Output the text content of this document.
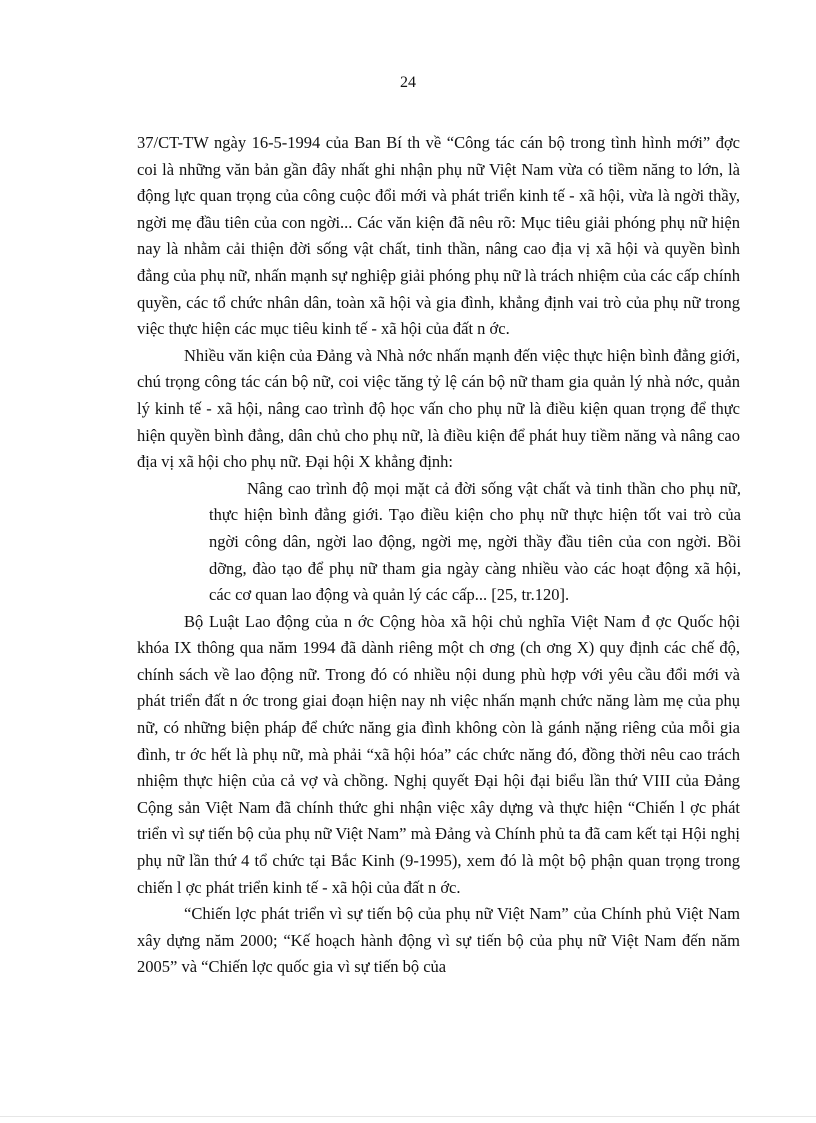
24

37/CT-TW ngày 16-5-1994 của Ban Bí th về “Công tác cán bộ trong tình hình mới” đợc coi là những văn bản gần đây nhất ghi nhận phụ nữ Việt Nam vừa có tiềm năng to lớn, là động lực quan trọng của công cuộc đổi mới và phát triển kinh tế - xã hội, vừa là ngời thầy, ngời mẹ đầu tiên của con ngời... Các văn kiện đã nêu rõ: Mục tiêu giải phóng phụ nữ hiện nay là nhằm cải thiện đời sống vật chất, tinh thần, nâng cao địa vị xã hội và quyền bình đẳng của phụ nữ, nhấn mạnh sự nghiệp giải phóng phụ nữ là trách nhiệm của các cấp chính quyền, các tổ chức nhân dân, toàn xã hội và gia đình, khẳng định vai trò của phụ nữ trong việc thực hiện các mục tiêu kinh tế - xã hội của đất n ớc.

Nhiều văn kiện của Đảng và Nhà nớc nhấn mạnh đến việc thực hiện bình đẳng giới, chú trọng công tác cán bộ nữ, coi việc tăng tỷ lệ cán bộ nữ tham gia quản lý nhà nớc, quản lý kinh tế - xã hội, nâng cao trình độ học vấn cho phụ nữ là điều kiện quan trọng để thực hiện quyền bình đẳng, dân chủ cho phụ nữ, là điều kiện để phát huy tiềm năng và nâng cao địa vị xã hội cho phụ nữ. Đại hội X khẳng định:

Nâng cao trình độ mọi mặt cả đời sống vật chất và tinh thần cho phụ nữ, thực hiện bình đẳng giới. Tạo điều kiện cho phụ nữ thực hiện tốt vai trò của ngời công dân, ngời lao động, ngời mẹ, ngời thầy đầu tiên của con ngời. Bồi dỡng, đào tạo để phụ nữ tham gia ngày càng nhiều vào các hoạt động xã hội, các cơ quan lao động và quản lý các cấp... [25, tr.120].

Bộ Luật Lao động của n ớc Cộng hòa xã hội chủ nghĩa Việt Nam đ ợc Quốc hội khóa IX thông qua năm 1994 đã dành riêng một ch ơng (ch ơng X) quy định các chế độ, chính sách về lao động nữ. Trong đó có nhiều nội dung phù hợp với yêu cầu đổi mới và phát triển đất n ớc trong giai đoạn hiện nay nh việc nhấn mạnh chức năng làm mẹ của phụ nữ, có những biện pháp để chức năng gia đình không còn là gánh nặng riêng của mỗi gia đình, tr ớc hết là phụ nữ, mà phải “xã hội hóa” các chức năng đó, đồng thời nêu cao trách nhiệm thực hiện của cả vợ và chồng. Nghị quyết Đại hội đại biểu lần thứ VIII của Đảng Cộng sản Việt Nam đã chính thức ghi nhận việc xây dựng và thực hiện “Chiến l ợc phát triển vì sự tiến bộ của phụ nữ Việt Nam” mà Đảng và Chính phủ ta đã cam kết tại Hội nghị phụ nữ lần thứ 4 tổ chức tại Bắc Kinh (9-1995), xem đó là một bộ phận quan trọng trong chiến l ợc phát triển kinh tế - xã hội của đất n ớc.

“Chiến lợc phát triển vì sự tiến bộ của phụ nữ Việt Nam” của Chính phủ Việt Nam xây dựng năm 2000; “Kế hoạch hành động vì sự tiến bộ của phụ nữ Việt Nam đến năm 2005” và “Chiến lợc quốc gia vì sự tiến bộ của
